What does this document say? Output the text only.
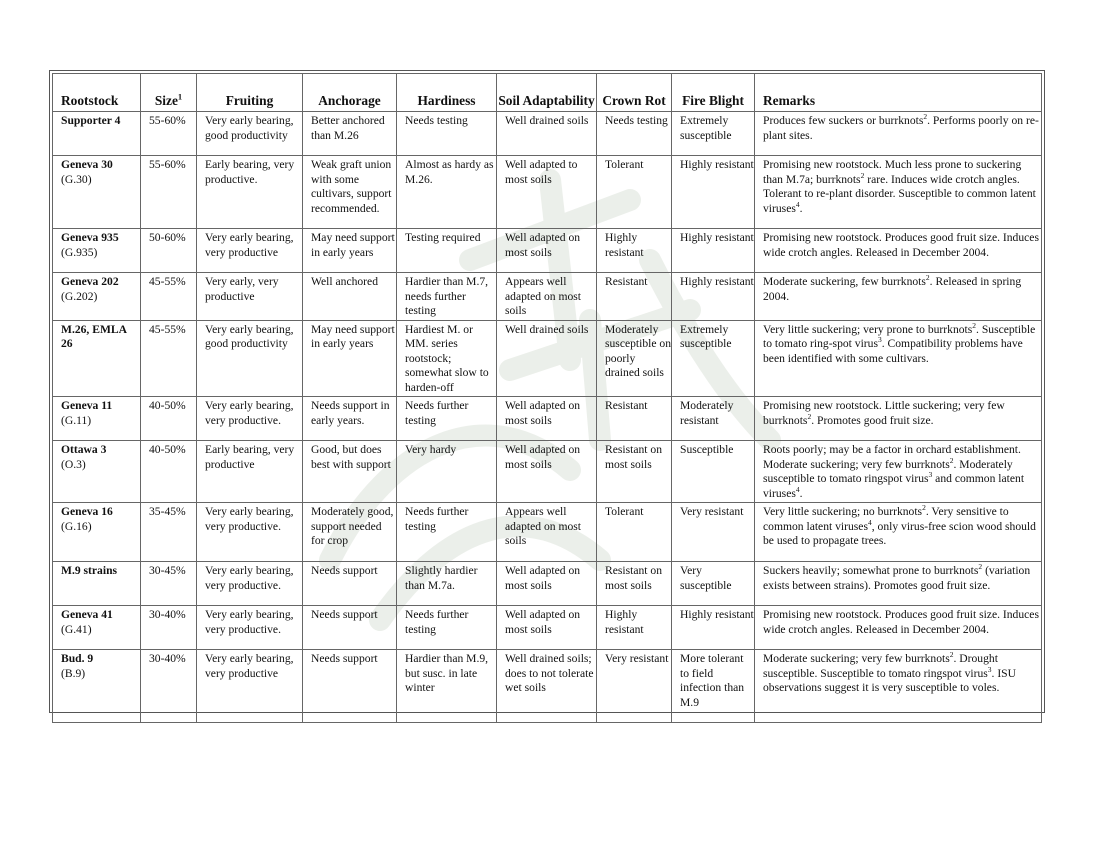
Rootstock	Size$^1$	Fruiting	Anchorage	Hardiness	Soil Adaptability	Crown Rot	Fire Blight	Remarks

Supporter 4	55-60%	Very early bearing, good productivity	Better anchored than M.26	Needs testing	Well drained soils	Needs testing	Extremely susceptible	Produces few suckers or burrknots$^2$. Performs poorly on re-plant sites.

Geneva 30
(G.30)	55-60%	Early bearing, very productive.	Weak graft union with some cultivars, support recommended.	Almost as hardy as M.26.	Well adapted to most soils	Tolerant	Highly resistant	Promising new rootstock. Much less prone to suckering than M.7a; burrknots$^2$ rare. Induces wide crotch angles. Tolerant to re-plant disorder. Susceptible to common latent viruses$^4$.

Geneva 935
(G.935)	50-60%	Very early bearing, very productive	May need support in early years	Testing required	Well adapted on most soils	Highly resistant	Highly resistant	Promising new rootstock. Produces good fruit size. Induces wide crotch angles. Released in December 2004.

Geneva 202
(G.202)	45-55%	Very early, very productive	Well anchored	Hardier than M.7, needs further testing	Appears well adapted on most soils	Resistant	Highly resistant	Moderate suckering, few burrknots$^2$. Released in spring 2004.

M.26, EMLA 26	45-55%	Very early bearing, good productivity	May need support in early years	Hardiest M. or MM. series rootstock; somewhat slow to harden-off	Well drained soils	Moderately susceptible on poorly drained soils	Extremely susceptible	Very little suckering; very prone to burrknots$^2$. Susceptible to tomato ring-spot virus$^3$. Compatibility problems have been identified with some cultivars.

Geneva 11
(G.11)	40-50%	Very early bearing, very productive.	Needs support in early years.	Needs further testing	Well adapted on most soils	Resistant	Moderately resistant	Promising new rootstock. Little suckering; very few burrknots$^2$. Promotes good fruit size.

Ottawa 3
(O.3)	40-50%	Early bearing, very productive	Good, but does best with support	Very hardy	Well adapted on most soils	Resistant on most soils	Susceptible	Roots poorly; may be a factor in orchard establishment. Moderate suckering; very few burrknots$^2$. Moderately susceptible to tomato ringspot virus$^3$ and common latent viruses$^4$.

Geneva 16
(G.16)	35-45%	Very early bearing, very productive.	Moderately good, support needed for crop	Needs further testing	Appears well adapted on most soils	Tolerant	Very resistant	Very little suckering; no burrknots$^2$. Very sensitive to common latent viruses$^4$, only virus-free scion wood should be used to propagate trees.

M.9 strains	30-45%	Very early bearing, very productive.	Needs support	Slightly hardier than M.7a.	Well adapted on most soils	Resistant on most soils	Very susceptible	Suckers heavily; somewhat prone to burrknots$^2$ (variation exists between strains). Promotes good fruit size.

Geneva 41
(G.41)	30-40%	Very early bearing, very productive.	Needs support	Needs further testing	Well adapted on most soils	Highly resistant	Highly resistant	Promising new rootstock. Produces good fruit size. Induces wide crotch angles. Released in December 2004.

Bud. 9
(B.9)	30-40%	Very early bearing, very productive	Needs support	Hardier than M.9, but susc. in late winter	Well drained soils; does to not tolerate wet soils	Very resistant	More tolerant to field infection than M.9	Moderate suckering; very few burrknots$^2$. Drought susceptible. Susceptible to tomato ringspot virus$^3$. ISU observations suggest it is very susceptible to voles.
